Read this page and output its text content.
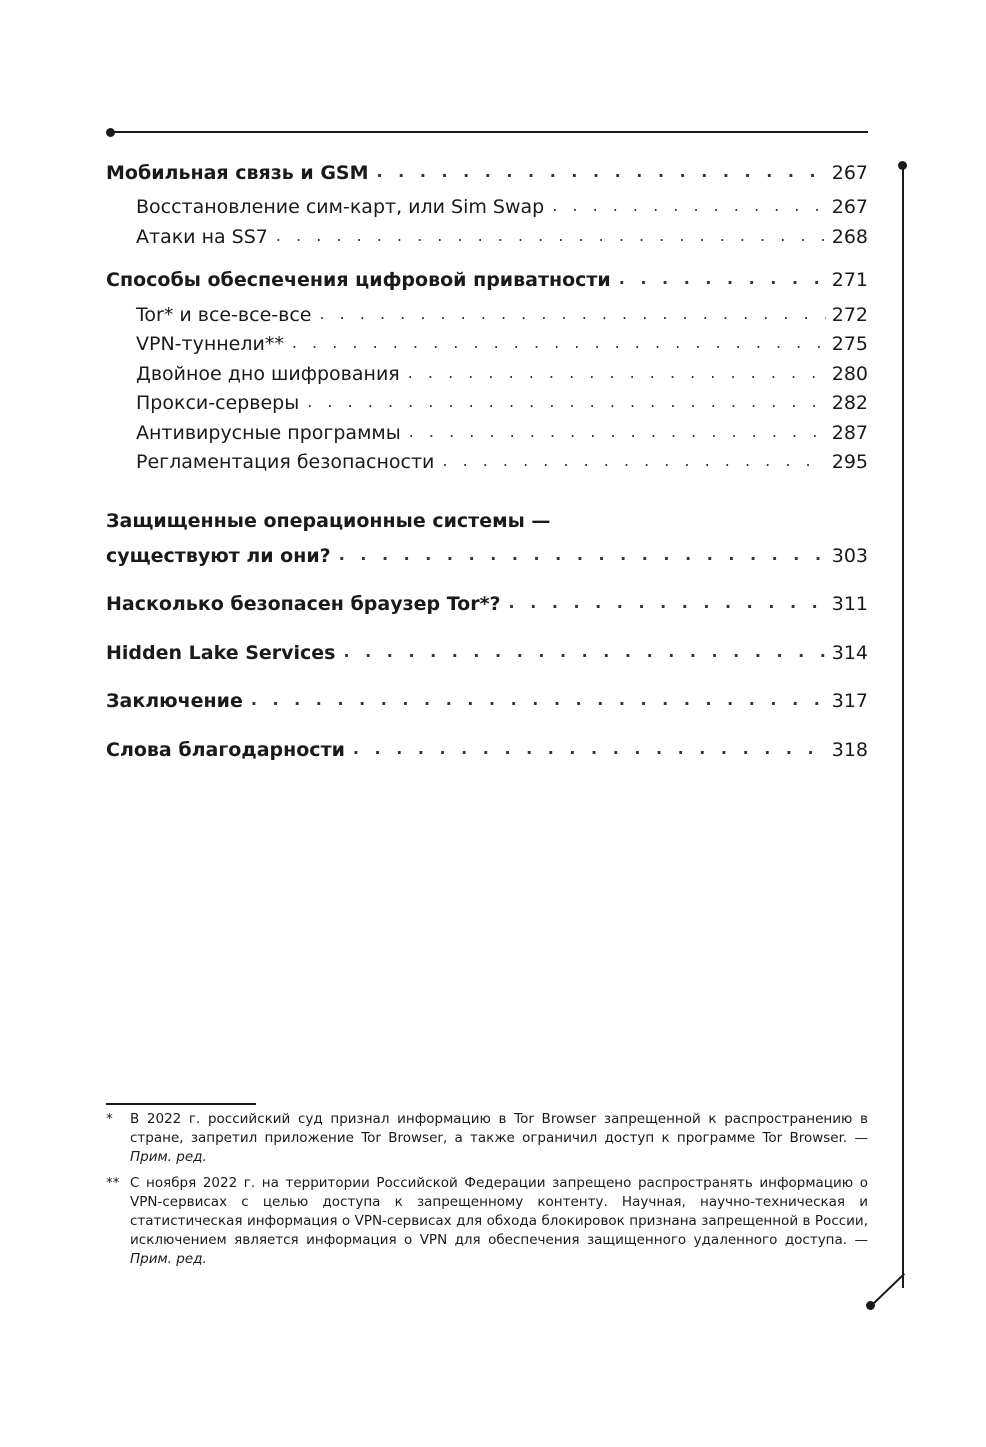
Мобильная связь и GSM . . .	267
Восстановление сим-карт, или Sim Swap . . .	267
Атаки на SS7 . . .	268
Способы обеспечения цифровой приватности . . .	271
Tor* и все-все-все . . .	272
VPN-туннели** . . .	275
Двойное дно шифрования . . .	280
Прокси-серверы . . .	282
Антивирусные программы . . .	287
Регламентация безопасности . . .	295
Защищенные операционные системы —
существуют ли они? . . .	303
Насколько безопасен браузер Tor*? . . .	311
Hidden Lake Services . . .	314
Заключение . . .	317
Слова благодарности . . .	318
* В 2022 г. российский суд признал информацию в Tor Browser запрещенной к распространению в стране, запретил приложение Tor Browser, а также ограничил доступ к программе Tor Browser. — Прим. ред.
** С ноября 2022 г. на территории Российской Федерации запрещено распространять информацию о VPN-сервисах с целью доступа к запрещенному контенту. Научная, научно-техническая и статистическая информация о VPN-сервисах для обхода блокировок признана запрещенной в России, исключением является информация о VPN для обеспечения защищенного удаленного доступа. — Прим. ред.
